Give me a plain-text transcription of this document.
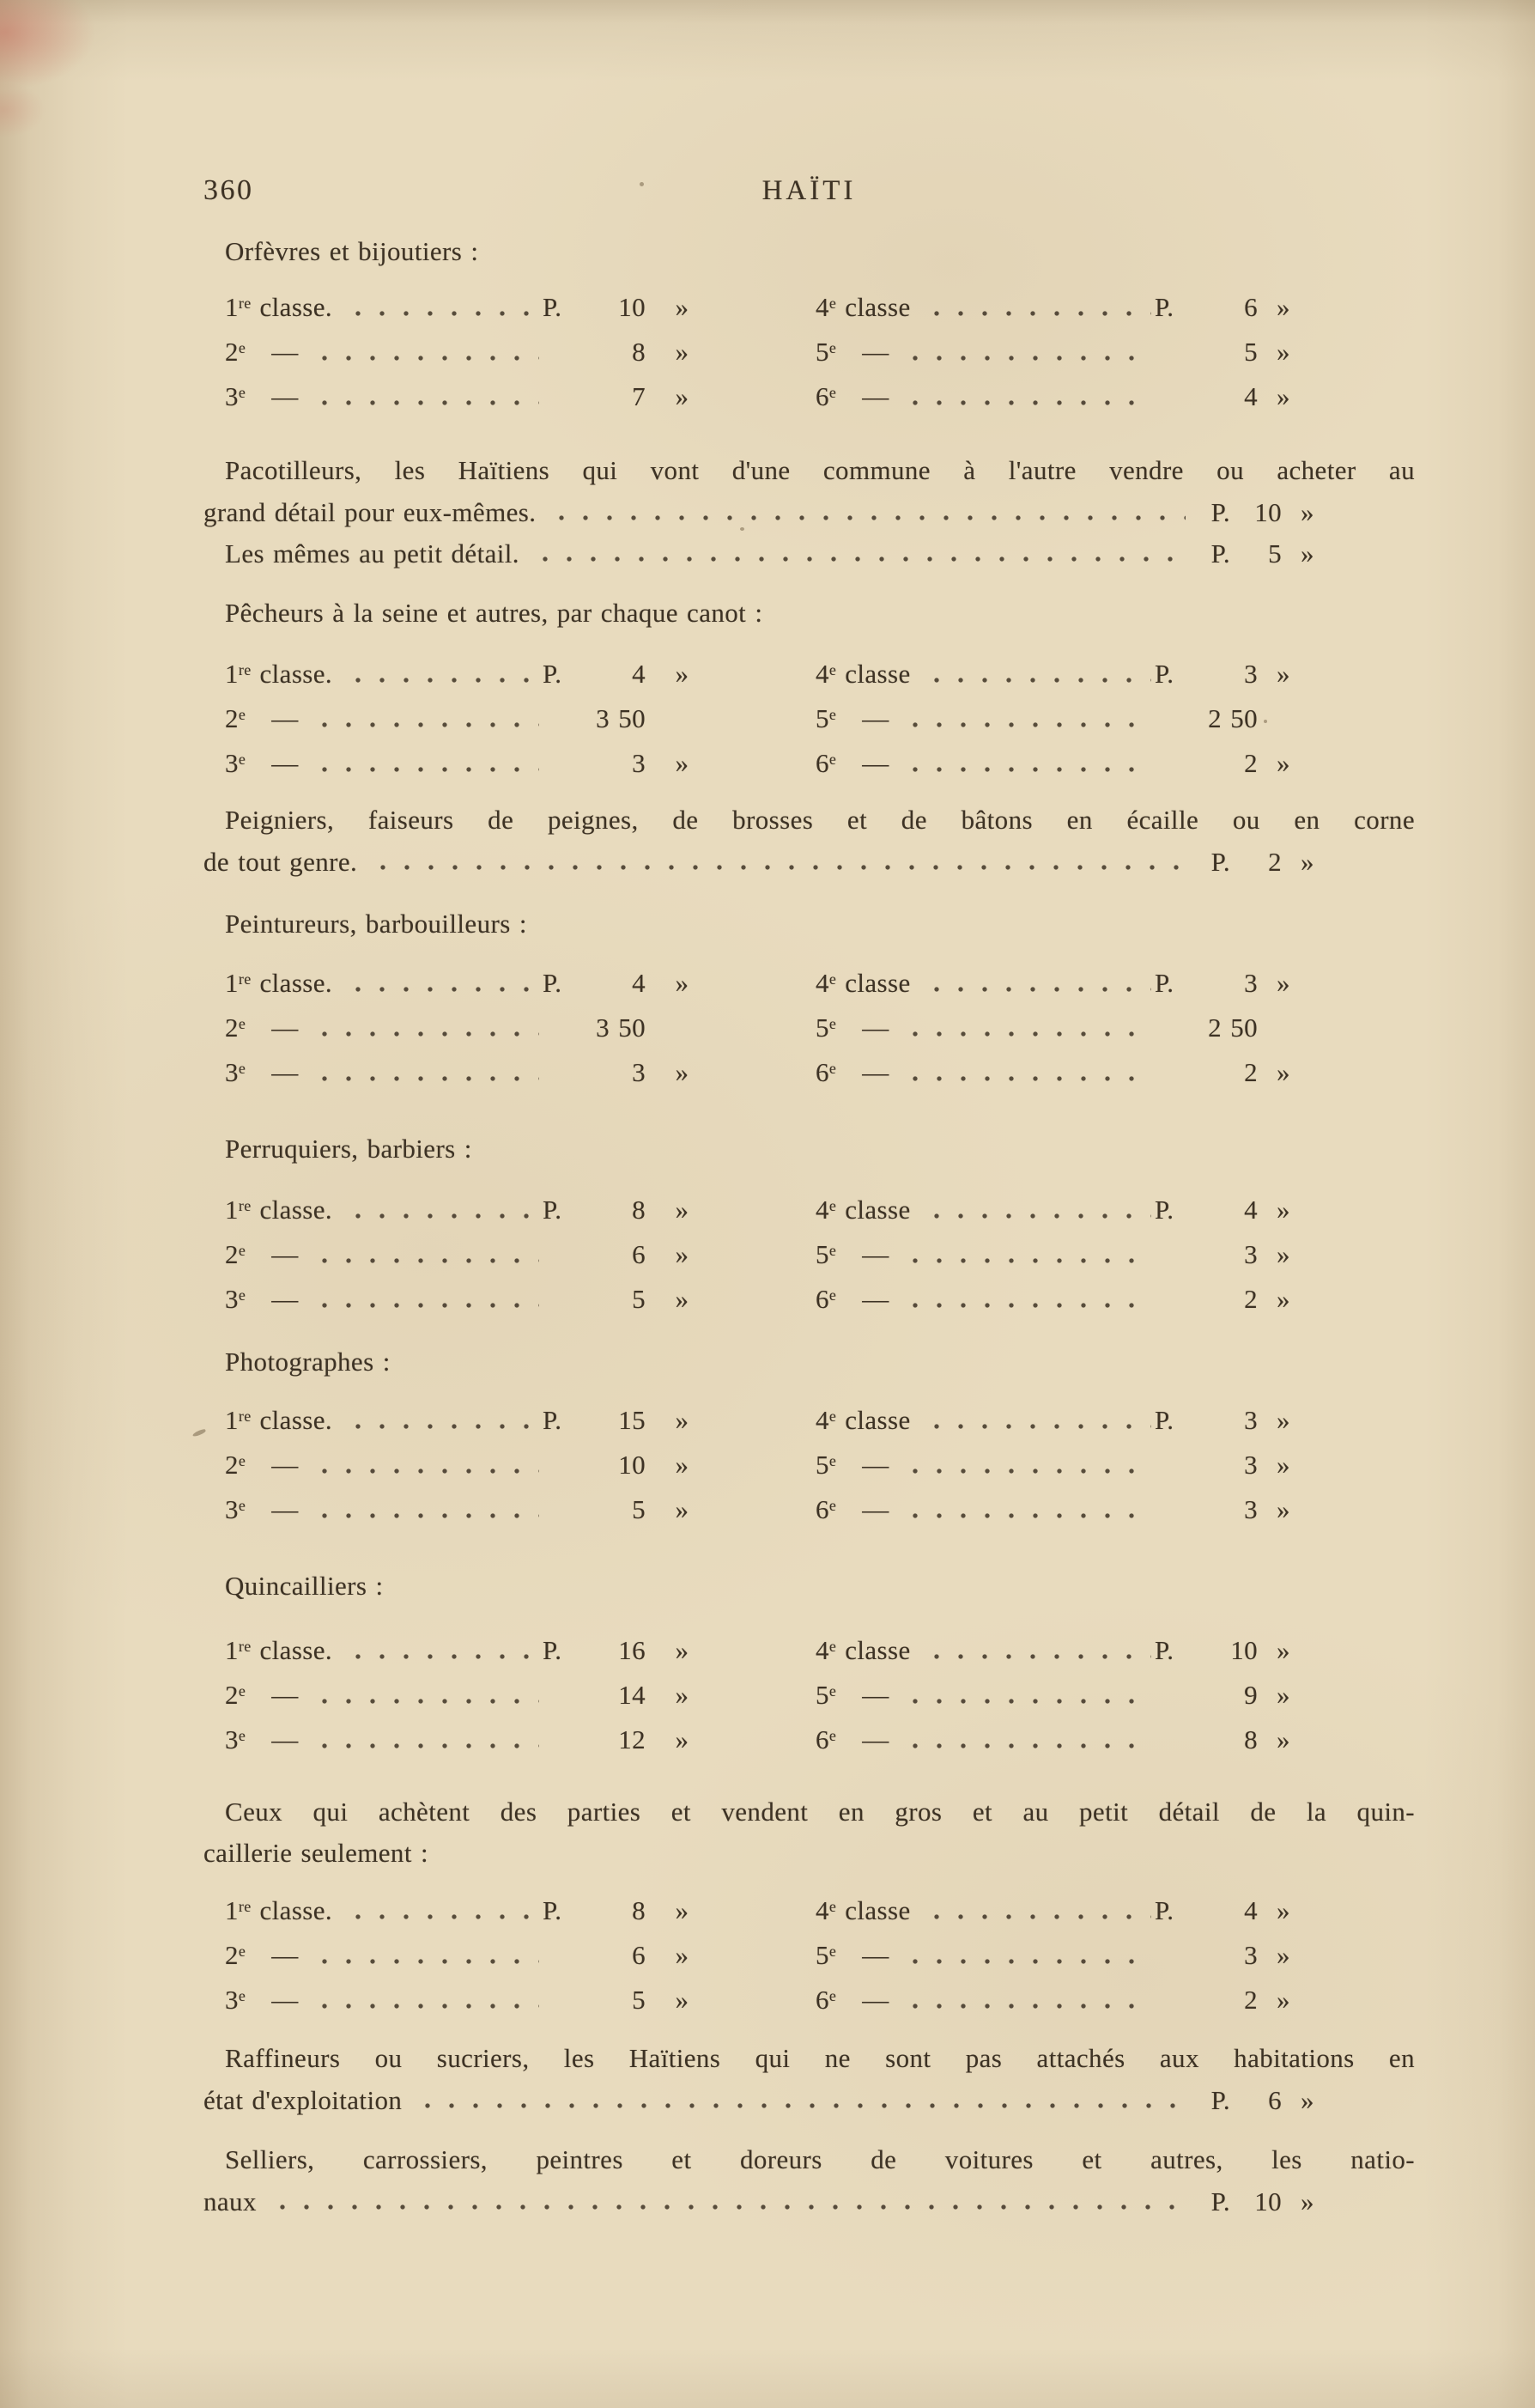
360	HAÏTI
Orfèvres et bijoutiers :
1re classe.	P.	10	»	4e classe	P.	6 »
2e —	8	»	5e —	5 »
3e —	7	»	6e —	4 »
Pacotilleurs, les Haïtiens qui vont d'une commune à l'autre vendre ou acheter au
grand détail pour eux-mêmes.	P. 10 »
Les mêmes au petit détail.	P.	5 »
Pêcheurs à la seine et autres, par chaque canot :
1re classe.	P.	4	»	4e classe	P.	3 »
2e —	3 50	5e —	2 50
3e —	3	»	6e —	2 »
Peigniers, faiseurs de peignes, de brosses et de bâtons en écaille ou en corne
de tout genre.	P.	2 »
Peintureurs, barbouilleurs :
1re classe.	P.	4	»	4e classe	P.	3 »
2e —	3 50	5e —	2 50
3e —	3	»	6e —	2 »
Perruquiers, barbiers :
1re classe.	P.	8	»	4e classe	P.	4 »
2e —	6	»	5e —	3 »
3e —	5	»	6e —	2 »
Photographes :
1re classe.	P.	15	»	4e classe	P.	3 »
2e —	10	»	5e —	3 »
3e —	5	»	6e —	3 »
Quincailliers :
1re classe.	P.	16	»	4e classe	P.	10 »
2e —	14	»	5e —	9 »
3e —	12	»	6e —	8 »
Ceux qui achètent des parties et vendent en gros et au petit détail de la quin-
caillerie seulement :
1re classe.	P.	8	»	4e classe	P.	4 »
2e —	6	»	5e —	3 »
3e —	5	»	6e —	2 »
Raffineurs ou sucriers, les Haïtiens qui ne sont pas attachés aux habitations en
état d'exploitation	P.	6 »
Selliers, carrossiers, peintres et doreurs de voitures et autres, les natio-
naux	P. 10 »
